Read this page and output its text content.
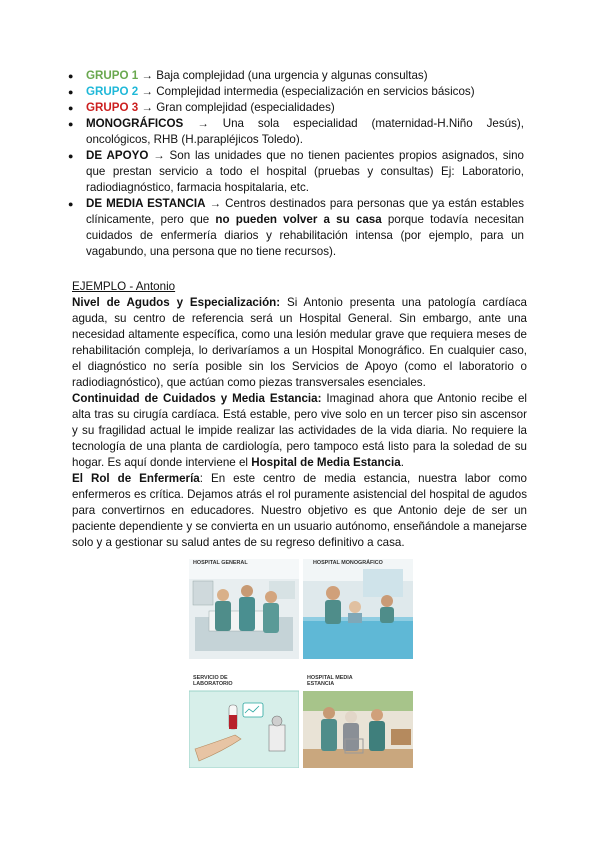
● GRUPO 1 → Baja complejidad (una urgencia y algunas consultas)
● GRUPO 2 → Complejidad intermedia (especialización en servicios básicos)
● GRUPO 3 → Gran complejidad (especialidades)
● MONOGRÁFICOS → Una sola especialidad (maternidad-H.Niño Jesús), oncológicos, RHB (H.parapléjicos Toledo).
● DE APOYO → Son las unidades que no tienen pacientes propios asignados, sino que prestan servicio a todo el hospital (pruebas y consultas) Ej: Laboratorio, radiodiagnóstico, farmacia hospitalaria, etc.
● DE MEDIA ESTANCIA → Centros destinados para personas que ya están estables clínicamente, pero que no pueden volver a su casa porque todavía necesitan cuidados de enfermería diarios y rehabilitación intensa (por ejemplo, para un vagabundo, una persona que no tiene recursos).

EJEMPLO - Antonio

Nivel de Agudos y Especialización: Si Antonio presenta una patología cardíaca aguda, su centro de referencia será un Hospital General. Sin embargo, ante una necesidad altamente específica, como una lesión medular grave que requiera meses de rehabilitación compleja, lo derivaríamos a un Hospital Monográfico. En cualquier caso, el diagnóstico no sería posible sin los Servicios de Apoyo (como el laboratorio o radiodiagnóstico), que actúan como piezas transversales esenciales.

Continuidad de Cuidados y Media Estancia: Imaginad ahora que Antonio recibe el alta tras su cirugía cardíaca. Está estable, pero vive solo en un tercer piso sin ascensor y su fragilidad actual le impide realizar las actividades de la vida diaria. No requiere la tecnología de una planta de cardiología, pero tampoco está listo para la soledad de su hogar. Es aquí donde interviene el Hospital de Media Estancia.

El Rol de Enfermería: En este centro de media estancia, nuestra labor como enfermeros es crítica. Dejamos atrás el rol puramente asistencial del hospital de agudos para convertirnos en educadores. Nuestro objetivo es que Antonio deje de ser un paciente dependiente y se convierta en un usuario autónomo, enseñándole a manejarse solo y a gestionar su salud antes de su regreso definitivo a casa.

HOSPITAL GENERAL	HOSPITAL MONOGRÁFICO
SERVICIO DE LABORATORIO
HOSPITAL MEDIA ESTANCIA
